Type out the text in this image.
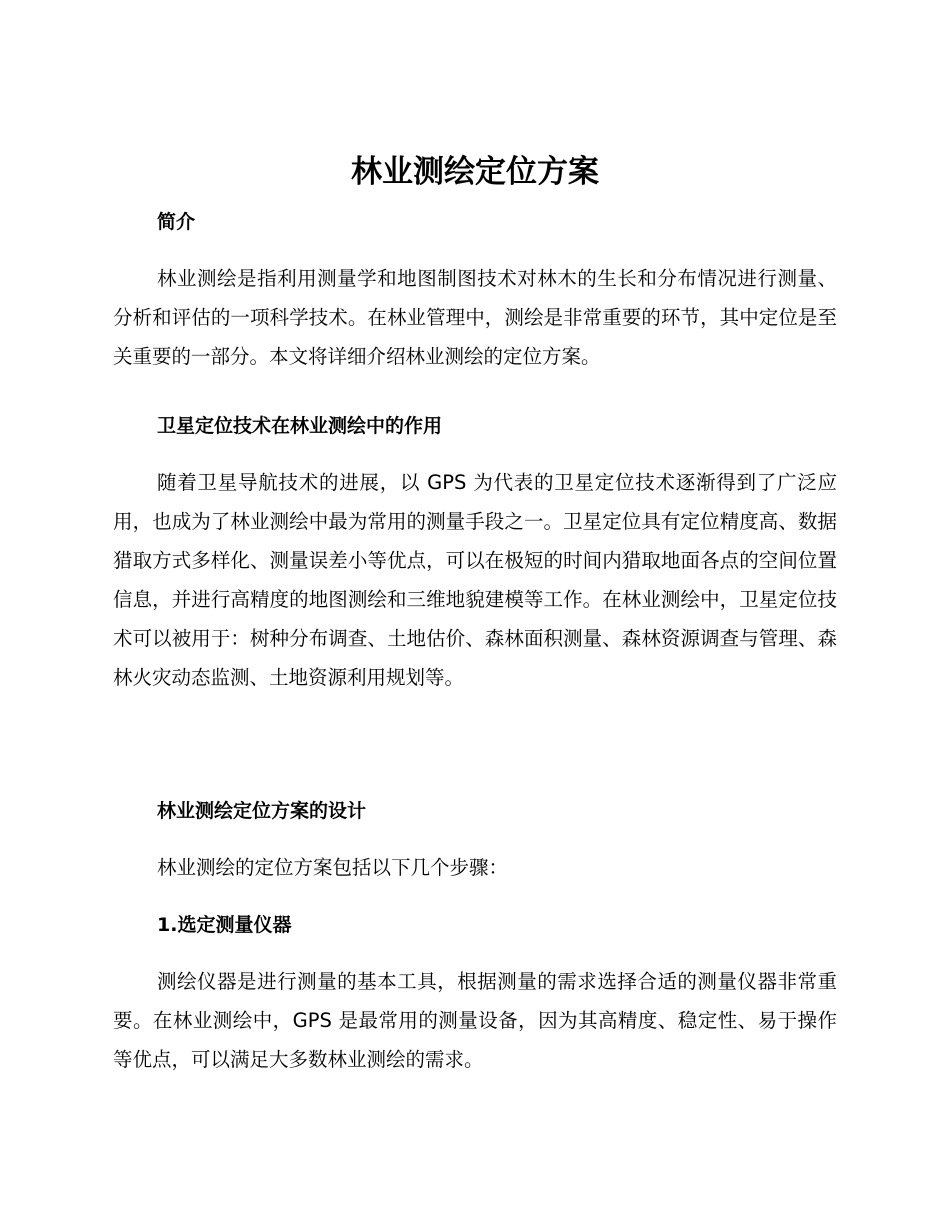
林业测绘定位方案
简介

林业测绘是指利用测量学和地图制图技术对林木的生长和分布情况进行测量、分析和评估的一项科学技术。在林业管理中，测绘是非常重要的环节，其中定位是至关重要的一部分。本文将详细介绍林业测绘的定位方案。

卫星定位技术在林业测绘中的作用

随着卫星导航技术的进展，以 GPS 为代表的卫星定位技术逐渐得到了广泛应用，也成为了林业测绘中最为常用的测量手段之一。卫星定位具有定位精度高、数据猎取方式多样化、测量误差小等优点，可以在极短的时间内猎取地面各点的空间位置信息，并进行高精度的地图测绘和三维地貌建模等工作。在林业测绘中，卫星定位技术可以被用于：树种分布调查、土地估价、森林面积测量、森林资源调查与管理、森林火灾动态监测、土地资源利用规划等。

林业测绘定位方案的设计

林业测绘的定位方案包括以下几个步骤：

1.选定测量仪器

测绘仪器是进行测量的基本工具，根据测量的需求选择合适的测量仪器非常重要。在林业测绘中，GPS 是最常用的测量设备，因为其高精度、稳定性、易于操作等优点，可以满足大多数林业测绘的需求。
